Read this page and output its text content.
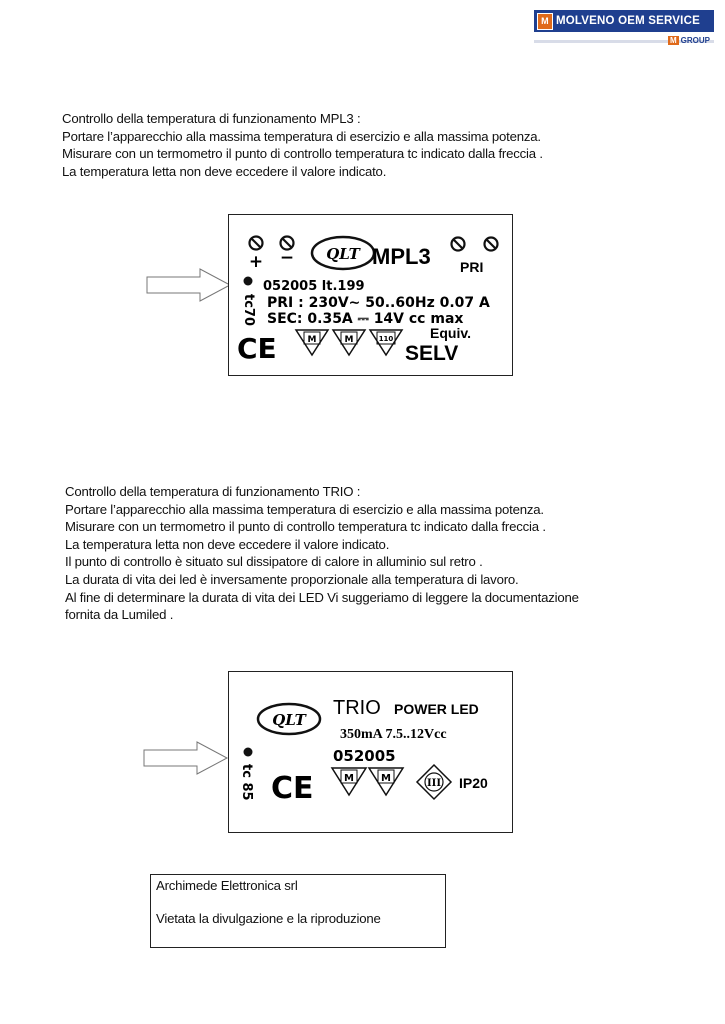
M MOLVENO OEM SERVICE
M GROUP
Controllo della temperatura di funzionamento MPL3 :
Portare l’apparecchio alla massima temperatura di esercizio e alla massima potenza.
Misurare con un termometro il punto di controllo temperatura tc indicato dalla freccia .
La temperatura letta non deve eccedere il valore indicato.
+ − QLT MPL3 PRI
tc70
052005 lt.199
PRI : 230V∼ 50..60Hz 0.07 A
SEC: 0.35A ⎓ 14V cc max
CE	M	M	110	Equiv.
SELV
Controllo della temperatura di funzionamento TRIO :
Portare l’apparecchio alla massima temperatura di esercizio e alla massima potenza.
Misurare con un termometro il punto di controllo temperatura tc indicato dalla freccia .
La temperatura letta non deve eccedere il valore indicato.
Il punto di controllo è situato sul dissipatore di calore in alluminio sul retro .
La durata di vita dei led è inversamente proporzionale alla temperatura di lavoro.
Al fine di determinare la durata di vita dei LED Vi suggeriamo di leggere la documentazione
fornita da Lumiled .
QLT
TRIO POWER LED
350mA 7.5..12Vcc
052005
tc 85 CE	M	M	III IP20
Archimede Elettronica srl
Vietata la divulgazione e la riproduzione
